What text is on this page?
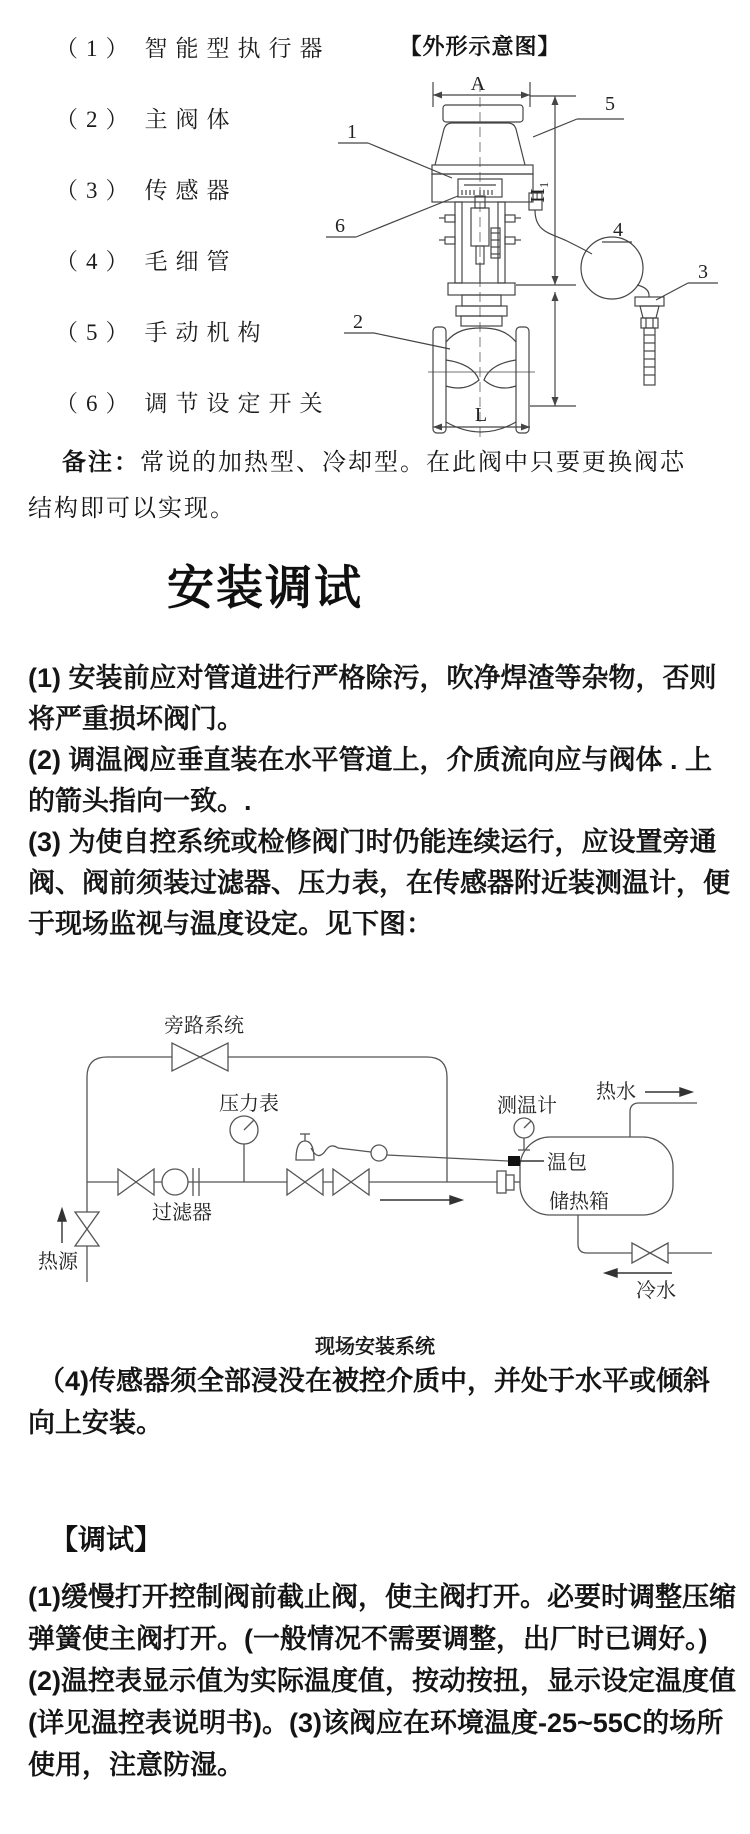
（1） 智能型执行器
（2） 主阀体
（3） 传感器
（4） 毛细管
（5） 手动机构
（6） 调节设定开关
【外形示意图】
A
H₁
L
1
6
2
5
4
3
备注：常说的加热型、冷却型。在此阀中只要更换阀芯结构即可以实现。
安装调试

(1) 安装前应对管道进行严格除污，吹净焊渣等杂物，否则将严重损坏阀门。

(2) 调温阀应垂直装在水平管道上，介质流向应与阀体 . 上的箭头指向一致。.

(3) 为使自控系统或检修阀门时仍能连续运行，应设置旁通阀、阀前须装过滤器、压力表，在传感器附近装测温计，便于现场监视与温度设定。见下图：

旁路系统
压力表
过滤器
测温计
温包
储热箱
热水
冷水
热源
现场安装系统
（4)传感器须全部浸没在被控介质中，并处于水平或倾斜向上安装。
【调试】

(1)缓慢打开控制阀前截止阀，使主阀打开。必要时调整压缩弹簧使主阀打开。(一般情况不需要调整，出厂时已调好。)

(2)温控表显示值为实际温度值，按动按扭，显示设定温度值(详见温控表说明书)。(3)该阀应在环境温度-25~55C的场所使用，注意防湿。
